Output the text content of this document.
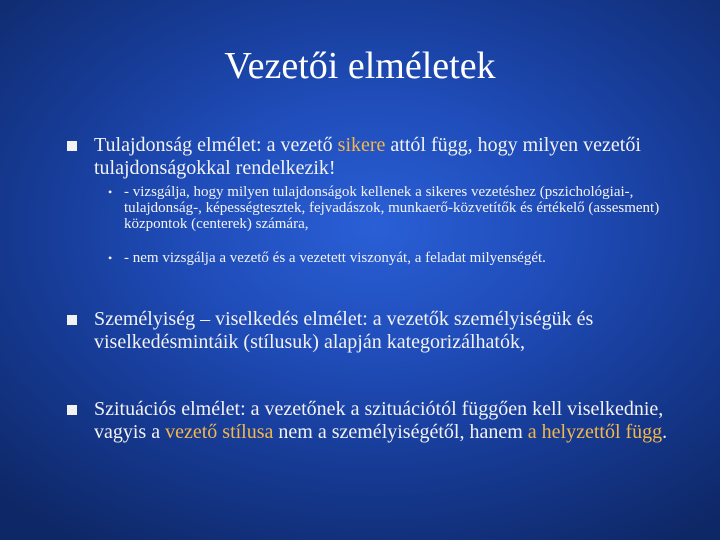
Vezetői elméletek
Tulajdonság elmélet: a vezető sikere attól függ, hogy milyen vezetői tulajdonságokkal rendelkezik!
• - vizsgálja, hogy milyen tulajdonságok kellenek a sikeres vezetéshez (pszichológiai-, tulajdonság-, képességtesztek, fejvadászok, munkaerő-közvetítők és értékelő (assesment) központok (centerek) számára,
• - nem vizsgálja a vezető és a vezetett viszonyát, a feladat milyenségét.
Személyiség – viselkedés elmélet: a vezetők személyiségük és viselkedésmintáik (stílusuk) alapján kategorizálhatók,
Szituációs elmélet: a vezetőnek a szituációtól függően kell viselkednie, vagyis a vezető stílusa nem a személyiségétől, hanem a helyzettől függ.
